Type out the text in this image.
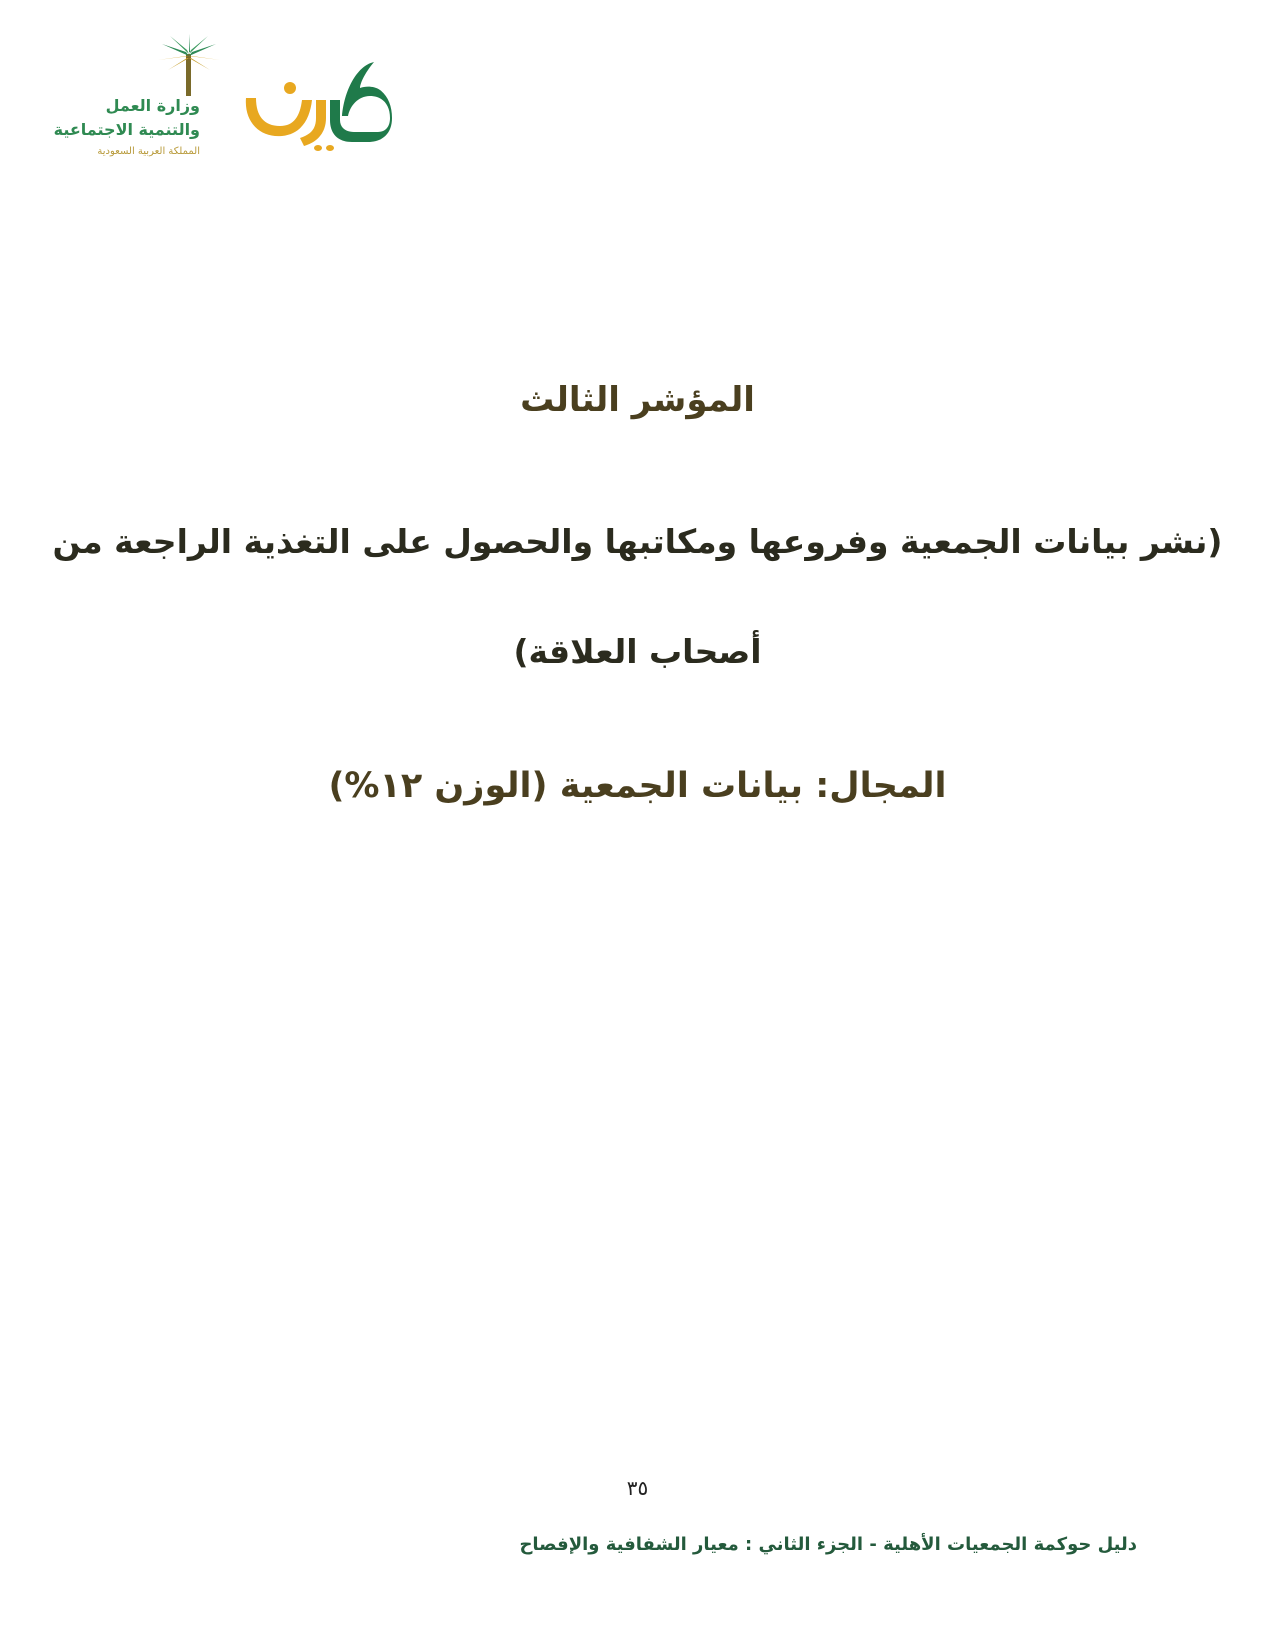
وزارة العمل
والتنمية الاجتماعية
المملكة العربية السعودية
المؤشر الثالث
(نشر بيانات الجمعية وفروعها ومكاتبها والحصول على التغذية الراجعة من
أصحاب العلاقة)
المجال: بيانات الجمعية (الوزن ١٢%)
٣٥
دليل حوكمة الجمعيات الأهلية - الجزء الثاني : معيار الشفافية والإفصاح
